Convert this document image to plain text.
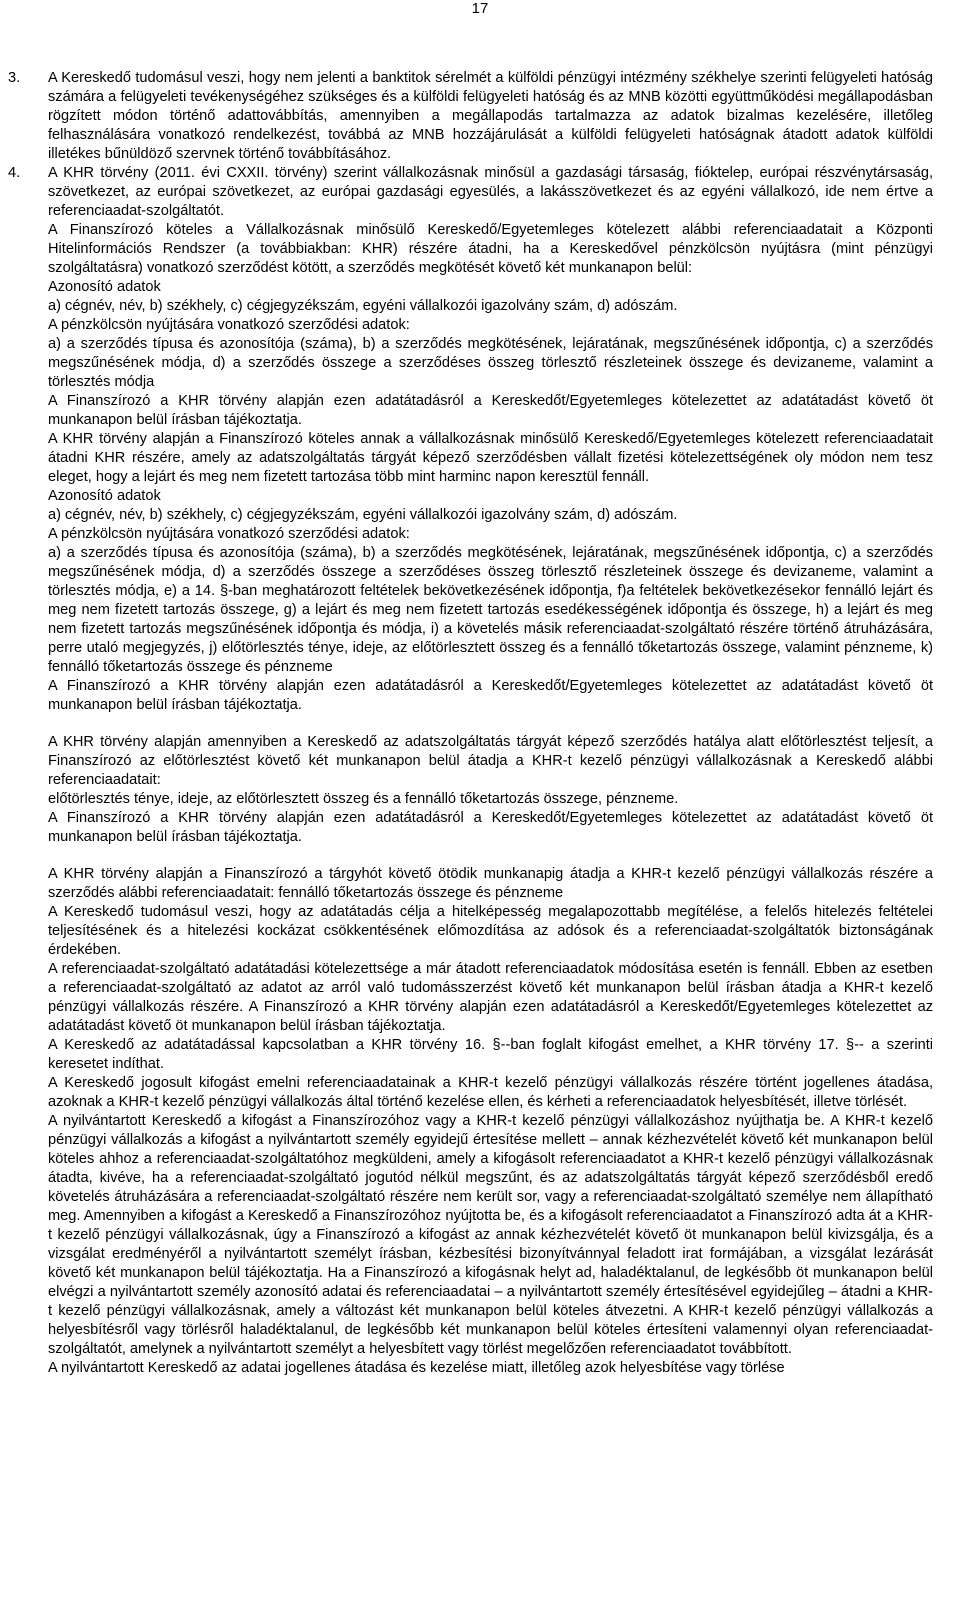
17
3. A Kereskedő tudomásul veszi, hogy nem jelenti a banktitok sérelmét a külföldi pénzügyi intézmény székhelye szerinti felügyeleti hatóság számára a felügyeleti tevékenységéhez szükséges és a külföldi felügyeleti hatóság és az MNB közötti együttműködési megállapodásban rögzített módon történő adattovábbítás, amennyiben a megállapodás tartalmazza az adatok bizalmas kezelésére, illetőleg felhasználására vonatkozó rendelkezést, továbbá az MNB hozzájárulását a külföldi felügyeleti hatóságnak átadott adatok külföldi illetékes bűnüldöző szervnek történő továbbításához.

4. A KHR törvény (2011. évi CXXII. törvény) szerint vállalkozásnak minősül a gazdasági társaság, fióktelep, európai részvénytársaság, szövetkezet, az európai szövetkezet, az európai gazdasági egyesülés, a lakásszövetkezet és az egyéni vállalkozó, ide nem értve a referenciaadat-szolgáltatót.

A Finanszírozó köteles a Vállalkozásnak minősülő Kereskedő/Egyetemleges kötelezett alábbi referenciaadatait a Központi Hitelinformációs Rendszer (a továbbiakban: KHR) részére átadni, ha a Kereskedővel pénzkölcsön nyújtásra (mint pénzügyi szolgáltatásra) vonatkozó szerződést kötött, a szerződés megkötését követő két munkanapon belül:

Azonosító adatok

a) cégnév, név, b) székhely, c) cégjegyzékszám, egyéni vállalkozói igazolvány szám, d) adószám.

A pénzkölcsön nyújtására vonatkozó szerződési adatok:

a) a szerződés típusa és azonosítója (száma), b) a szerződés megkötésének, lejáratának, megszűnésének időpontja, c) a szerződés megszűnésének módja, d) a szerződés összege a szerződéses összeg törlesztő részleteinek összege és devizaneme, valamint a törlesztés módja

A Finanszírozó a KHR törvény alapján ezen adatátadásról a Kereskedőt/Egyetemleges kötelezettet az adatátadást követő öt munkanapon belül írásban tájékoztatja.

A KHR törvény alapján a Finanszírozó köteles annak a vállalkozásnak minősülő Kereskedő/Egyetemleges kötelezett referenciaadatait átadni KHR részére, amely az adatszolgáltatás tárgyát képező szerződésben vállalt fizetési kötelezettségének oly módon nem tesz eleget, hogy a lejárt és meg nem fizetett tartozása több mint harminc napon keresztül fennáll.

Azonosító adatok

a) cégnév, név, b) székhely, c) cégjegyzékszám, egyéni vállalkozói igazolvány szám, d) adószám.

A pénzkölcsön nyújtására vonatkozó szerződési adatok:

a) a szerződés típusa és azonosítója (száma), b) a szerződés megkötésének, lejáratának, megszűnésének időpontja, c) a szerződés megszűnésének módja, d) a szerződés összege a szerződéses összeg törlesztő részleteinek összege és devizaneme, valamint a törlesztés módja, e) a 14. §-ban meghatározott feltételek bekövetkezésének időpontja, f)a feltételek bekövetkezésekor fennálló lejárt és meg nem fizetett tartozás összege, g) a lejárt és meg nem fizetett tartozás esedékességének időpontja és összege, h) a lejárt és meg nem fizetett tartozás megszűnésének időpontja és módja, i) a követelés másik referenciaadat-szolgáltató részére történő átruházására, perre utaló megjegyzés, j) előtörlesztés ténye, ideje, az előtörlesztett összeg és a fennálló tőketartozás összege, valamint pénzneme, k) fennálló tőketartozás összege és pénzneme

A Finanszírozó a KHR törvény alapján ezen adatátadásról a Kereskedőt/Egyetemleges kötelezettet az adatátadást követő öt munkanapon belül írásban tájékoztatja.

A KHR törvény alapján amennyiben a Kereskedő az adatszolgáltatás tárgyát képező szerződés hatálya alatt előtörlesztést teljesít, a Finanszírozó az előtörlesztést követő két munkanapon belül átadja a KHR-t kezelő pénzügyi vállalkozásnak a Kereskedő alábbi referenciaadatait:

előtörlesztés ténye, ideje, az előtörlesztett összeg és a fennálló tőketartozás összege, pénzneme.

A Finanszírozó a KHR törvény alapján ezen adatátadásról a Kereskedőt/Egyetemleges kötelezettet az adatátadást követő öt munkanapon belül írásban tájékoztatja.

A KHR törvény alapján a Finanszírozó a tárgyhót követő ötödik munkanapig átadja a KHR-t kezelő pénzügyi vállalkozás részére a szerződés alábbi referenciaadatait: fennálló tőketartozás összege és pénzneme

A Kereskedő tudomásul veszi, hogy az adatátadás célja a hitelképesség megalapozottabb megítélése, a felelős hitelezés feltételei teljesítésének és a hitelezési kockázat csökkentésének előmozdítása az adósok és a referenciaadat-szolgáltatók biztonságának érdekében.

A referenciaadat-szolgáltató adatátadási kötelezettsége a már átadott referenciaadatok módosítása esetén is fennáll. Ebben az esetben a referenciaadat-szolgáltató az adatot az arról való tudomásszerzést követő két munkanapon belül írásban átadja a KHR-t kezelő pénzügyi vállalkozás részére. A Finanszírozó a KHR törvény alapján ezen adatátadásról a Kereskedőt/Egyetemleges kötelezettet az adatátadást követő öt munkanapon belül írásban tájékoztatja.

A Kereskedő az adatátadással kapcsolatban a KHR törvény 16. §--ban foglalt kifogást emelhet, a KHR törvény 17. §-- a szerinti keresetet indíthat.

A Kereskedő jogosult kifogást emelni referenciaadatainak a KHR-t kezelő pénzügyi vállalkozás részére történt jogellenes átadása, azoknak a KHR-t kezelő pénzügyi vállalkozás által történő kezelése ellen, és kérheti a referenciaadatok helyesbítését, illetve törlését.

A nyilvántartott Kereskedő a kifogást a Finanszírozóhoz vagy a KHR-t kezelő pénzügyi vállalkozáshoz nyújthatja be. A KHR-t kezelő pénzügyi vállalkozás a kifogást a nyilvántartott személy egyidejű értesítése mellett – annak kézhezvételét követő két munkanapon belül köteles ahhoz a referenciaadat-szolgáltatóhoz megküldeni, amely a kifogásolt referenciaadatot a KHR-t kezelő pénzügyi vállalkozásnak átadta, kivéve, ha a referenciaadat-szolgáltató jogutód nélkül megszűnt, és az adatszolgáltatás tárgyát képező szerződésből eredő követelés átruházására a referenciaadat-szolgáltató részére nem került sor, vagy a referenciaadat-szolgáltató személye nem állapítható meg. Amennyiben a kifogást a Kereskedő a Finanszírozóhoz nyújtotta be, és a kifogásolt referenciaadatot a Finanszírozó adta át a KHR-t kezelő pénzügyi vállalkozásnak, úgy a Finanszírozó a kifogást az annak kézhezvételét követő öt munkanapon belül kivizsgálja, és a vizsgálat eredményéről a nyilvántartott személyt írásban, kézbesítési bizonyítvánnyal feladott irat formájában, a vizsgálat lezárását követő két munkanapon belül tájékoztatja. Ha a Finanszírozó a kifogásnak helyt ad, haladéktalanul, de legkésőbb öt munkanapon belül elvégzi a nyilvántartott személy azonosító adatai és referenciaadatai – a nyilvántartott személy értesítésével egyidejűleg – átadni a KHR-t kezelő pénzügyi vállalkozásnak, amely a változást két munkanapon belül köteles átvezetni. A KHR-t kezelő pénzügyi vállalkozás a helyesbítésről vagy törlésről haladéktalanul, de legkésőbb két munkanapon belül köteles értesíteni valamennyi olyan referenciaadat-szolgáltatót, amelynek a nyilvántartott személyt a helyesbített vagy törlést megelőzően referenciaadatot továbbított.

A nyilvántartott Kereskedő az adatai jogellenes átadása és kezelése miatt, illetőleg azok helyesbítése vagy törlése
